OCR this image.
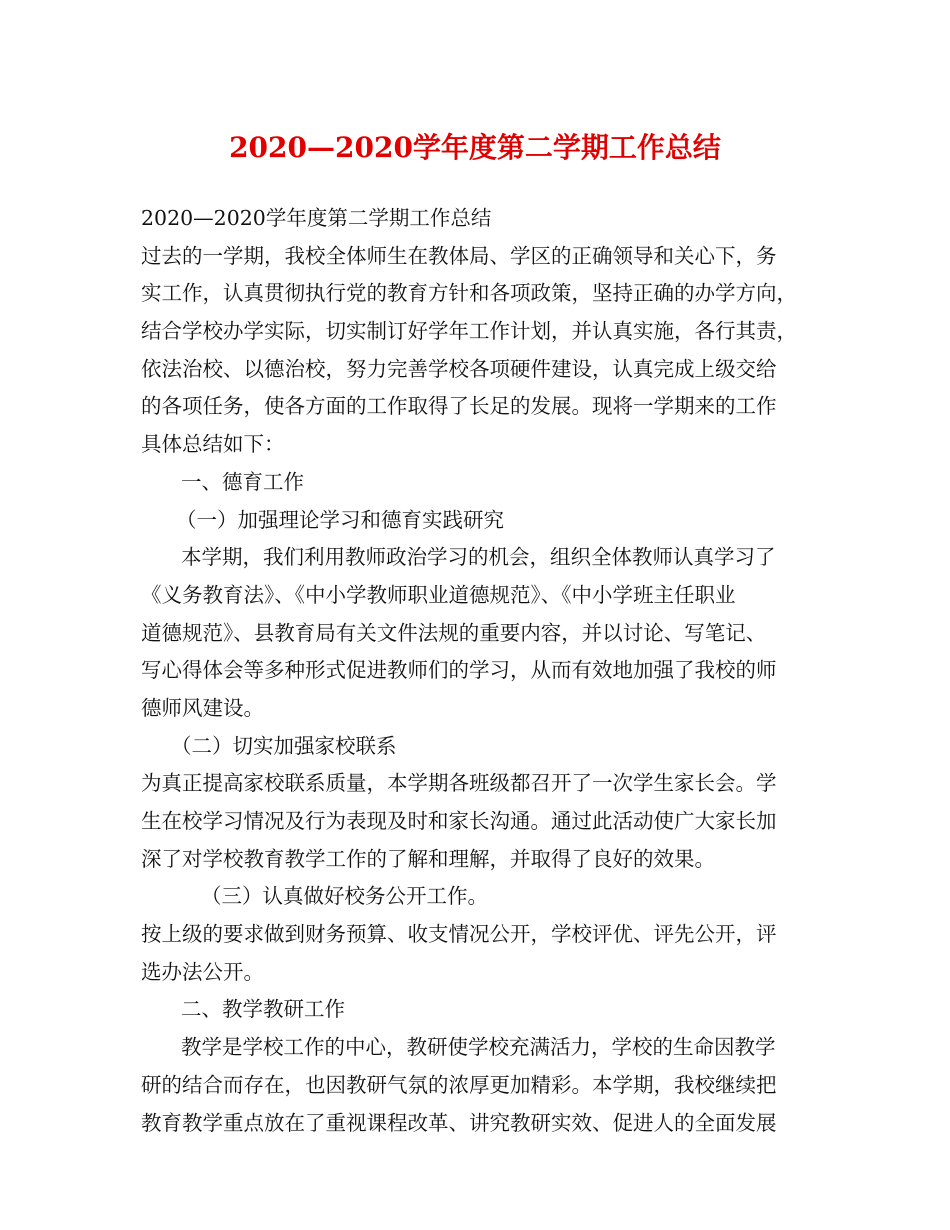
2020—2020学年度第二学期工作总结
2020—2020学年度第二学期工作总结
过去的一学期，我校全体师生在教体局、学区的正确领导和关心下，务
实工作，认真贯彻执行党的教育方针和各项政策，坚持正确的办学方向，
结合学校办学实际，切实制订好学年工作计划，并认真实施，各行其责，
依法治校、以德治校，努力完善学校各项硬件建设，认真完成上级交给
的各项任务，使各方面的工作取得了长足的发展。现将一学期来的工作
具体总结如下：
一、德育工作
（一）加强理论学习和德育实践研究
本学期，我们利用教师政治学习的机会，组织全体教师认真学习了
《义务教育法》、《中小学教师职业道德规范》、《中小学班主任职业
道德规范》、县教育局有关文件法规的重要内容，并以讨论、写笔记、
写心得体会等多种形式促进教师们的学习，从而有效地加强了我校的师
德师风建设。
（二）切实加强家校联系
为真正提高家校联系质量，本学期各班级都召开了一次学生家长会。学
生在校学习情况及行为表现及时和家长沟通。通过此活动使广大家长加
深了对学校教育教学工作的了解和理解，并取得了良好的效果。
（三）认真做好校务公开工作。
按上级的要求做到财务预算、收支情况公开，学校评优、评先公开，评
选办法公开。
二、教学教研工作
教学是学校工作的中心，教研使学校充满活力，学校的生命因教学
研的结合而存在，也因教研气氛的浓厚更加精彩。本学期，我校继续把
教育教学重点放在了重视课程改革、讲究教研实效、促进人的全面发展
